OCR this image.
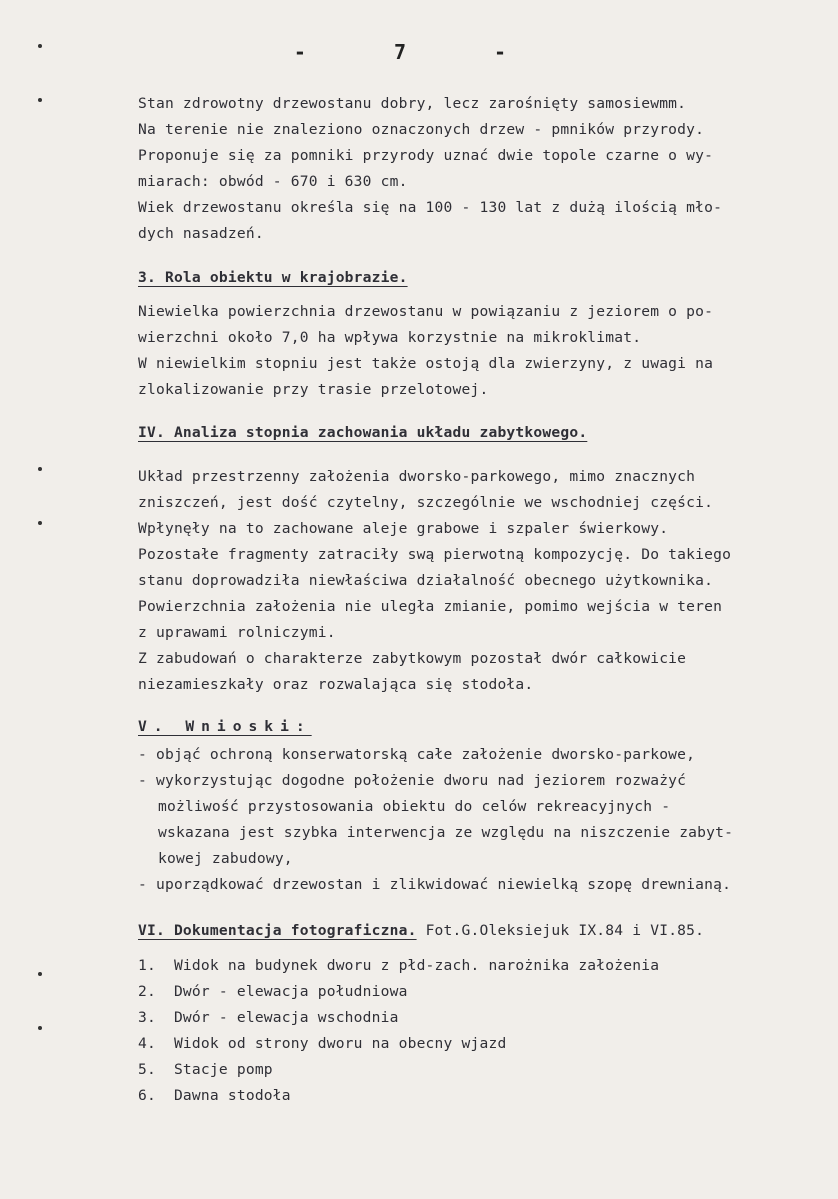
- 7 -
Stan zdrowotny drzewostanu dobry, lecz zarośnięty samosiewmm.
Na terenie nie znaleziono oznaczonych drzew - pmników przyrody.
Proponuje się za pomniki przyrody uznać dwie topole czarne o wy-
miarach: obwód - 670 i 630 cm.
Wiek drzewostanu określa się na 100 - 130 lat z dużą ilością mło-
dych nasadzeń.
3. Rola obiektu w krajobrazie.
Niewielka powierzchnia drzewostanu w powiązaniu z jeziorem o po-
wierzchni około 7,0 ha wpływa korzystnie na mikroklimat.
W niewielkim stopniu jest także ostoją dla zwierzyny, z uwagi na
zlokalizowanie przy trasie przelotowej.
IV. Analiza stopnia zachowania układu zabytkowego.
Układ przestrzenny założenia dworsko-parkowego, mimo znacznych
zniszczeń, jest dość czytelny, szczególnie we wschodniej części.
Wpłynęły na to zachowane aleje grabowe i szpaler świerkowy.
Pozostałe fragmenty zatraciły swą pierwotną kompozycję. Do takiego
stanu doprowadziła niewłaściwa działalność obecnego użytkownika.
Powierzchnia założenia nie uległa zmianie, pomimo wejścia w teren
z uprawami rolniczymi.
Z zabudowań o charakterze zabytkowym pozostał dwór całkowicie
niezamieszkały oraz rozwalająca się stodoła.
V. Wnioski:
- objąć ochroną konserwatorską całe założenie dworsko-parkowe,
- wykorzystując dogodne położenie dworu nad jeziorem rozważyć
możliwość przystosowania obiektu do celów rekreacyjnych -
wskazana jest szybka interwencja ze względu na niszczenie zabyt-
kowej zabudowy,
- uporządkować drzewostan i zlikwidować niewielką szopę drewnianą.
VI. Dokumentacja fotograficzna. Fot.G.Oleksiejuk IX.84 i VI.85.
1.  Widok na budynek dworu z płd-zach. narożnika założenia
2.  Dwór - elewacja południowa
3.  Dwór - elewacja wschodnia
4.  Widok od strony dworu na obecny wjazd
5.  Stacje pomp
6.  Dawna stodoła
